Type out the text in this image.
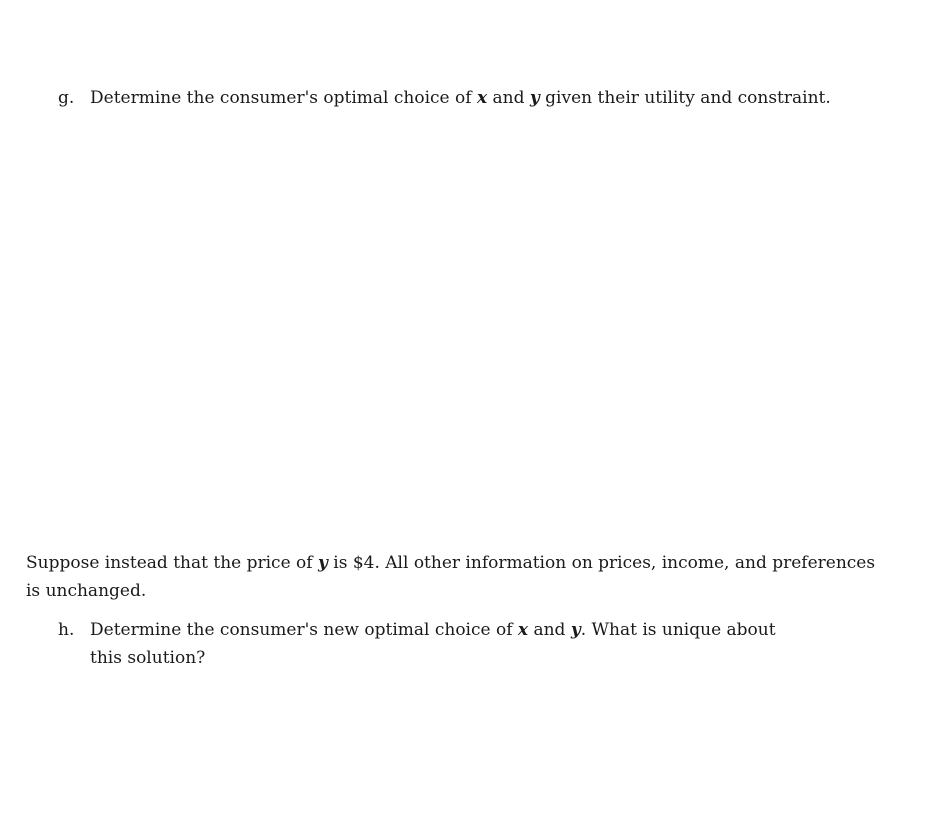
g. Determine the consumer's optimal choice of x and y given their utility and constraint.
Suppose instead that the price of y is $4. All other information on prices, income, and preferences is unchanged.
h. Determine the consumer's new optimal choice of x and y. What is unique about this solution?
